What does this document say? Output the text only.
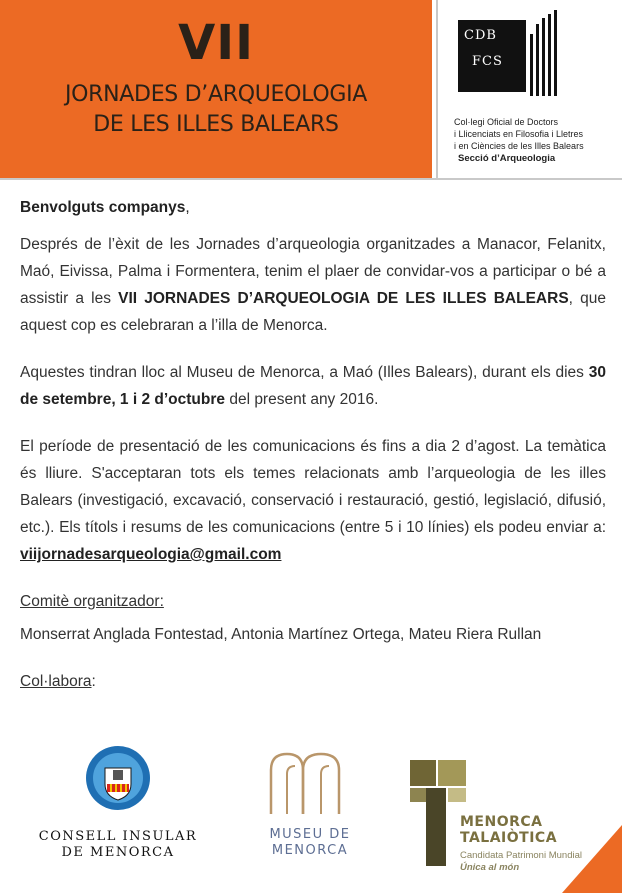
VII
JORNADES D’ARQUEOLOGIA
DE LES ILLES BALEARS
CDB
FCS
Col·legi Oficial de Doctors
i Llicenciats en Filosofia i Lletres
i en Ciències de les Illes Balears
Secció d’Arqueologia

Benvolguts companys,

Després de l’èxit de les Jornades d’arqueologia organitzades a Manacor, Felanitx, Maó, Eivissa, Palma i Formentera, tenim el plaer de convidar-vos a participar o bé a assistir a les VII JORNADES D’ARQUEOLOGIA DE LES ILLES BALEARS, que aquest cop es celebraran a l’illa de Menorca.

Aquestes tindran lloc al Museu de Menorca, a Maó (Illes Balears), durant els dies 30 de setembre, 1 i 2 d’octubre del present any 2016.

El període de presentació de les comunicacions és fins a dia 2 d’agost. La temàtica és lliure. S'acceptaran tots els temes relacionats amb l’arqueologia de les illes Balears (investigació, excavació, conservació i restauració, gestió, legislació, difusió, etc.). Els títols i resums de les comunicacions (entre 5 i 10 línies) els podeu enviar a: viijornadesarqueologia@gmail.com

Comitè organitzador:

Monserrat Anglada Fontestad, Antonia Martínez Ortega, Mateu Riera Rullan

Col·labora:

CONSELL INSULAR
DE MENORCA
MUSEU DE
MENORCA
MENORCA
TALAIÒTICA
Candidata Patrimoni Mundial
Única al món
